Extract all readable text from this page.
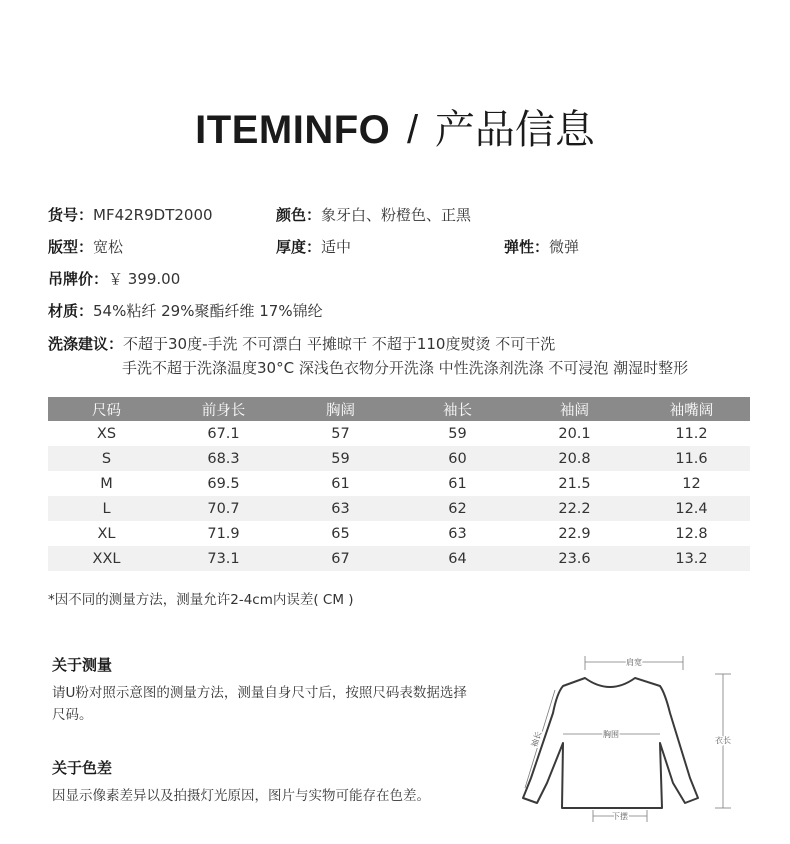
ITEMINFO / 产品信息
货号：MF42R9DT2000	颜色：象牙白、粉橙色、正黑
版型：宽松	厚度：适中	弹性：微弹
吊牌价：￥ 399.00
材质：54%粘纤 29%聚酯纤维 17%锦纶
洗涤建议：不超于30度-手洗 不可漂白 平摊晾干 不超于110度熨烫 不可干洗
手洗不超于洗涤温度30°C 深浅色衣物分开洗涤 中性洗涤剂洗涤 不可浸泡 潮湿时整形
尺码	前身长	胸阔	袖长	袖阔	袖嘴阔
XS	67.1	57	59	20.1	11.2
S	68.3	59	60	20.8	11.6
M	69.5	61	61	21.5	12
L	70.7	63	62	22.2	12.4
XL	71.9	65	63	22.9	12.8
XXL	73.1	67	64	23.6	13.2
*因不同的测量方法，测量允许2-4cm内误差( CM )
关于测量
请U粉对照示意图的测量方法，测量自身尺寸后，按照尺码表数据选择尺码。
关于色差
因显示像素差异以及拍摄灯光原因，图片与实物可能存在色差。
肩宽
胸围
衣长
下摆
袖长
